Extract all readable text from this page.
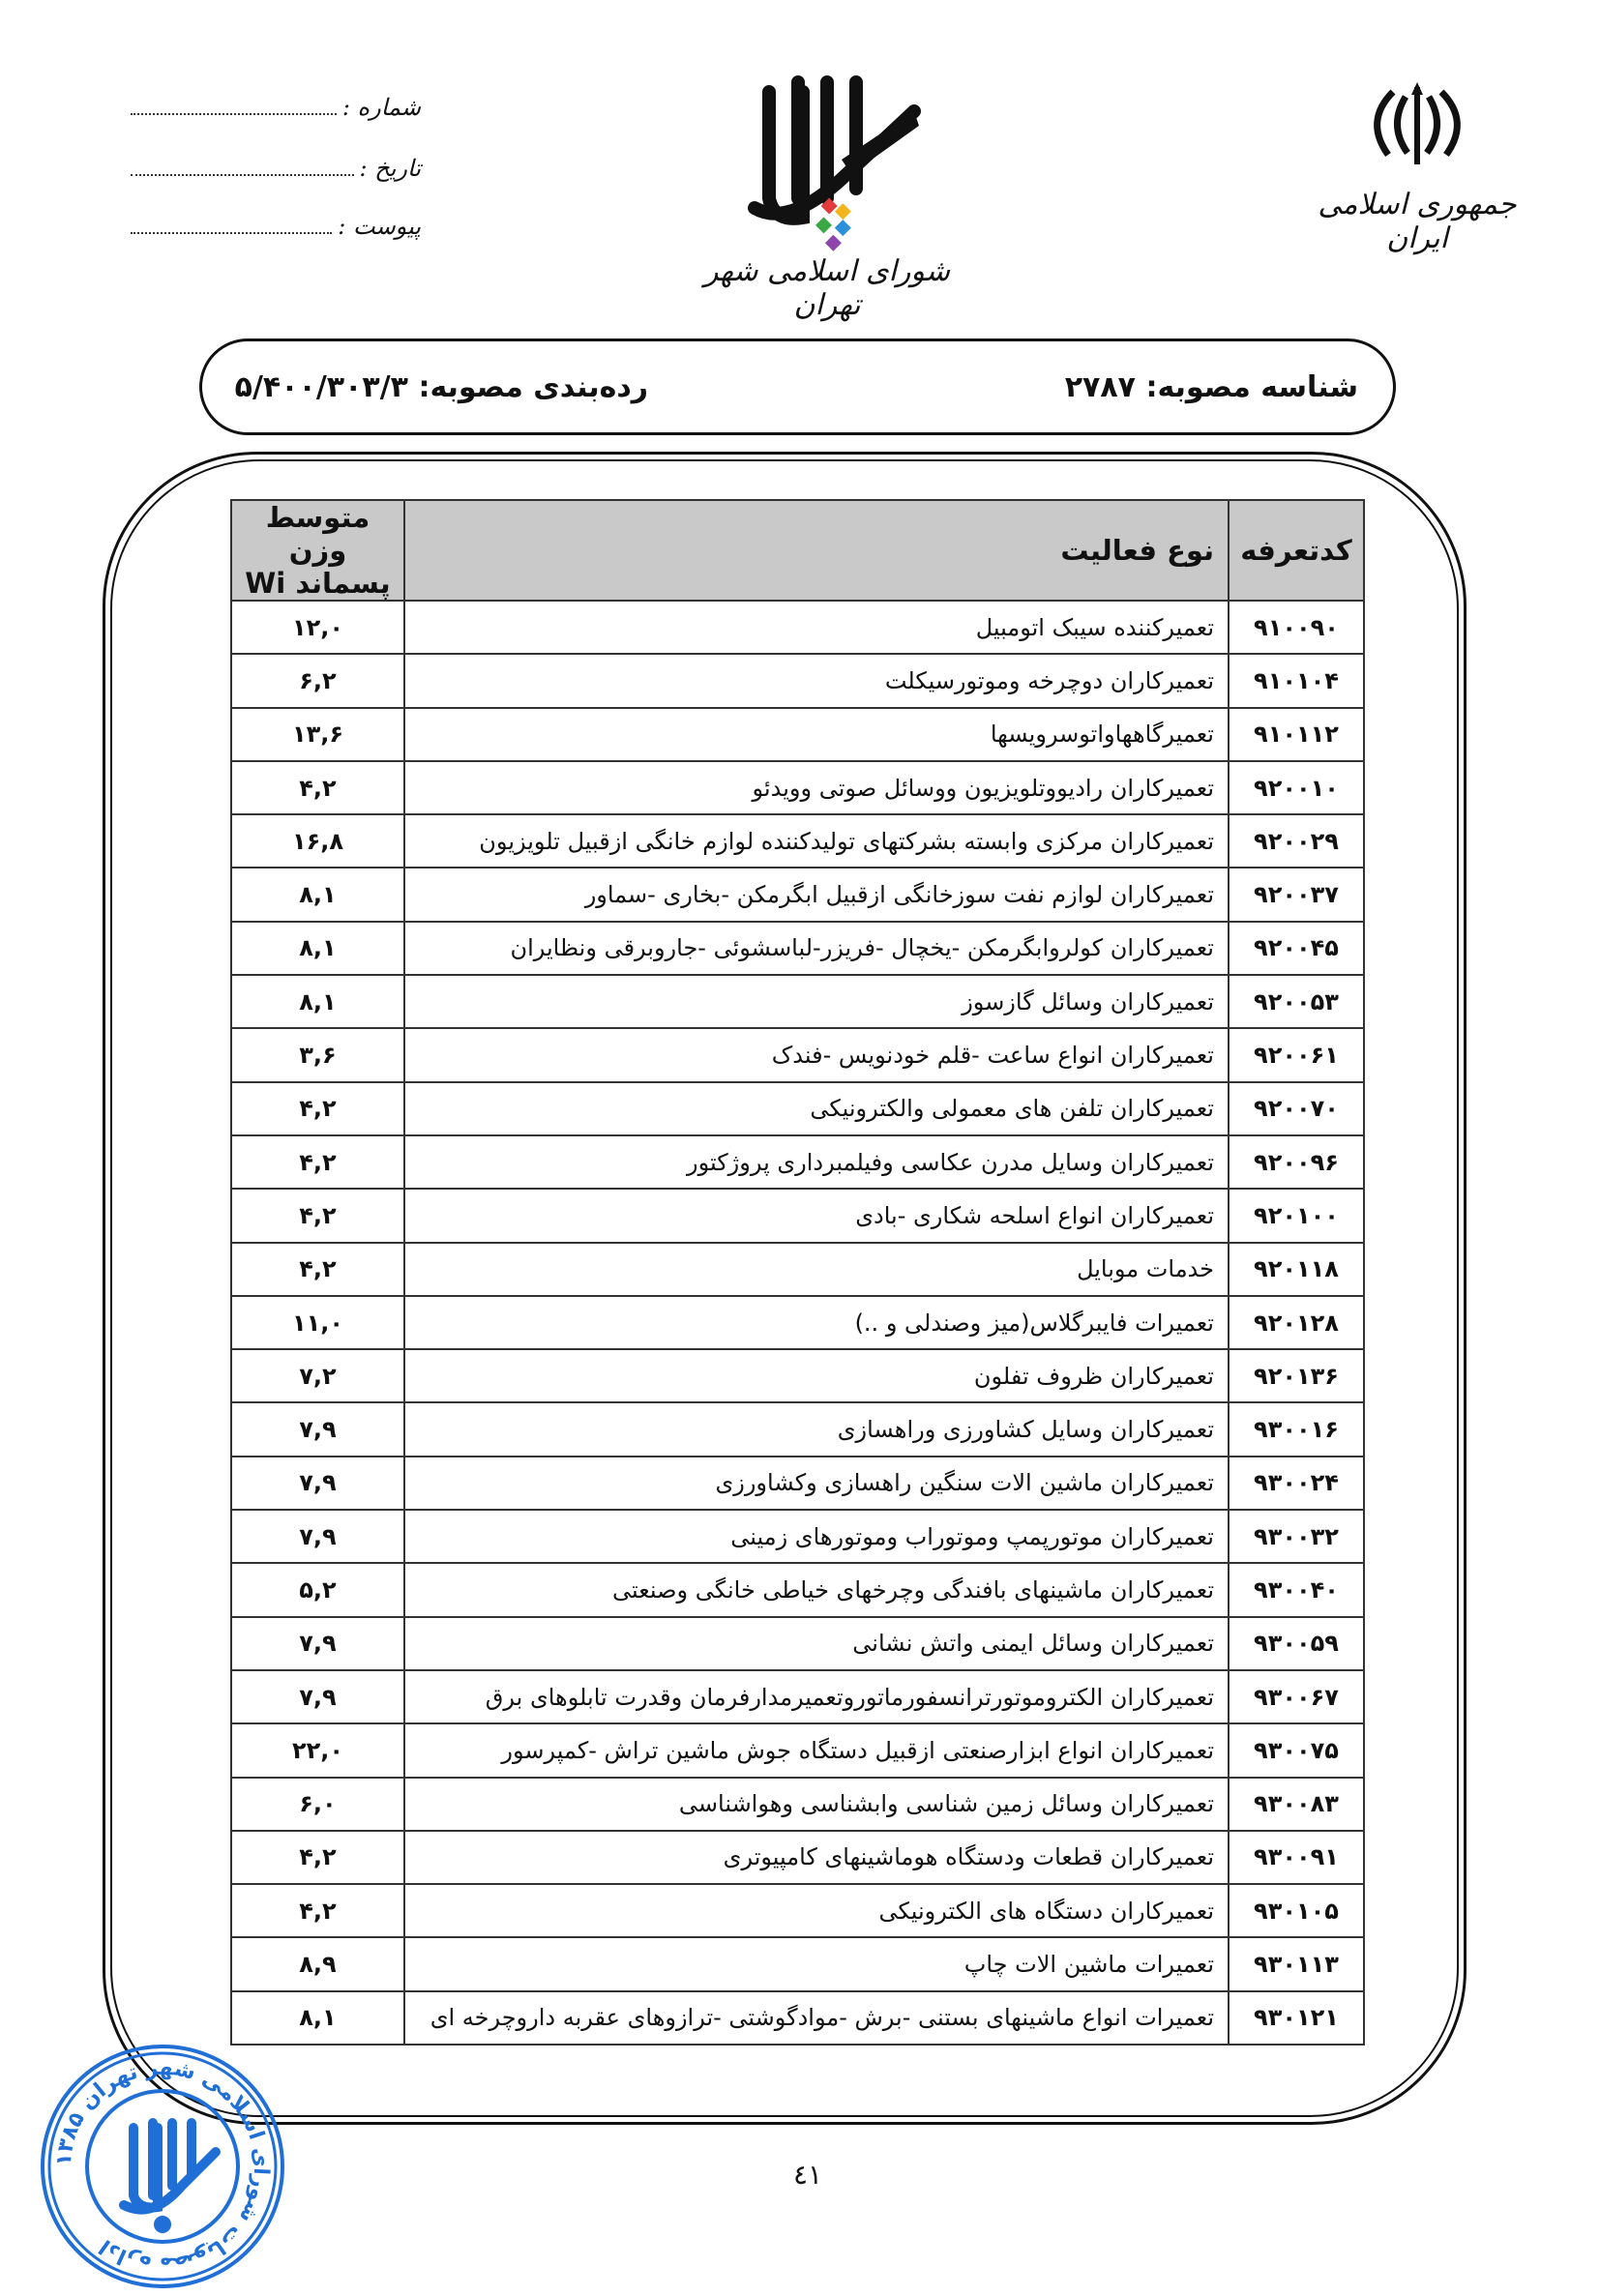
شماره :
تاریخ :
پیوست :
شورای اسلامی شهر تهران
جمهوری اسلامی ایران
شناسه مصوبه: ۲۷۸۷
رده‌بندی مصوبه: ۵/۴۰۰/۳۰۳/۳
کدتعرفه	نوع فعالیت	متوسط وزن
پسماند Wi

۹۱۰۰۹۰	تعمیرکننده سیبک اتومبیل	۱۲,۰
۹۱۰۱۰۴	تعمیرکاران دوچرخه وموتورسیکلت	۶,۲
۹۱۰۱۱۲	تعمیرگاههاواتوسرویسها	۱۳,۶
۹۲۰۰۱۰	تعمیرکاران رادیووتلویزیون ووسائل صوتی وویدئو	۴,۲
۹۲۰۰۲۹	تعمیرکاران مرکزی وابسته بشرکتهای تولیدکننده لوازم خانگی ازقبیل تلویزیون	۱۶,۸
۹۲۰۰۳۷	تعمیرکاران لوازم نفت سوزخانگی ازقبیل ابگرمکن -بخاری -سماور	۸,۱
۹۲۰۰۴۵	تعمیرکاران کولروابگرمکن -یخچال -فریزر-لباسشوئی -جاروبرقی ونظایران	۸,۱
۹۲۰۰۵۳	تعمیرکاران وسائل گازسوز	۸,۱
۹۲۰۰۶۱	تعمیرکاران انواع ساعت -قلم خودنویس -فندک	۳,۶
۹۲۰۰۷۰	تعمیرکاران تلفن های معمولی والکترونیکی	۴,۲
۹۲۰۰۹۶	تعمیرکاران وسایل مدرن عکاسی وفیلمبرداری پروژکتور	۴,۲
۹۲۰۱۰۰	تعمیرکاران انواع اسلحه شکاری -بادی	۴,۲
۹۲۰۱۱۸	خدمات موبایل	۴,۲
۹۲۰۱۲۸	تعمیرات فایبرگلاس(میز وصندلی و ..)	۱۱,۰
۹۲۰۱۳۶	تعمیرکاران ظروف تفلون	۷,۲
۹۳۰۰۱۶	تعمیرکاران وسایل کشاورزی وراهسازی	۷,۹
۹۳۰۰۲۴	تعمیرکاران ماشین الات سنگین راهسازی وکشاورزی	۷,۹
۹۳۰۰۳۲	تعمیرکاران موتورپمپ وموتوراب وموتورهای زمینی	۷,۹
۹۳۰۰۴۰	تعمیرکاران ماشینهای بافندگی وچرخهای خیاطی خانگی وصنعتی	۵,۲
۹۳۰۰۵۹	تعمیرکاران وسائل ایمنی واتش نشانی	۷,۹
۹۳۰۰۶۷	تعمیرکاران الکتروموتورترانسفورماتوروتعمیرمدارفرمان وقدرت تابلوهای برق	۷,۹
۹۳۰۰۷۵	تعمیرکاران انواع ابزارصنعتی ازقبیل دستگاه جوش ماشین تراش -کمپرسور	۲۲,۰
۹۳۰۰۸۳	تعمیرکاران وسائل زمین شناسی وابشناسی وهواشناسی	۶,۰
۹۳۰۰۹۱	تعمیرکاران قطعات ودستگاه هوماشینهای کامپیوتری	۴,۲
۹۳۰۱۰۵	تعمیرکاران دستگاه های الکترونیکی	۴,۲
۹۳۰۱۱۳	تعمیرات ماشین الات چاپ	۸,۹
۹۳۰۱۲۱	تعمیرات انواع ماشینهای بستنی -برش -موادگوشتی -ترازوهای عقربه داروچرخه ای	۸,۱
٤١
اداره مصوبات شورای اسلامی شهر تهران ۱۳۸۵
